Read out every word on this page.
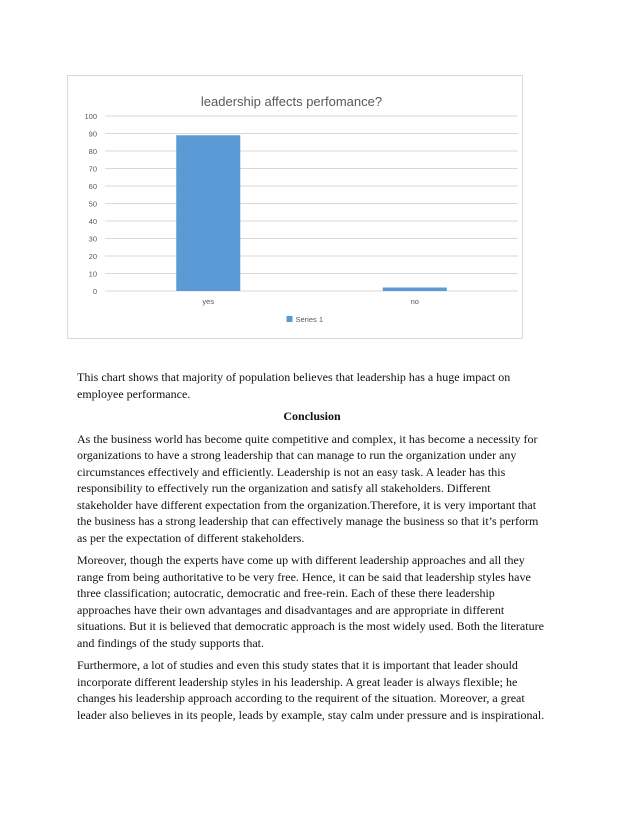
leadership affects perfomance?
0
10
20
30
40
50
60
70
80
90
100
yes	no
Series 1

This chart shows that majority of population believes that leadership has a huge impact on employee performance.

Conclusion

As the business world has become quite competitive and complex, it has become a necessity for organizations to have a strong leadership that can manage to run the organization under any circumstances effectively and efficiently. Leadership is not an easy task. A leader has this responsibility to effectively run the organization and satisfy all stakeholders. Different stakeholder have different expectation from the organization.Therefore, it is very important that the business has a strong leadership that can effectively manage the business so that it’s perform as per the expectation of different stakeholders.

Moreover, though the experts have come up with different leadership approaches and all they range from being authoritative to be very free. Hence, it can be said that leadership styles have three classification; autocratic, democratic and free-rein. Each of these there leadership approaches have their own advantages and disadvantages and are appropriate in different situations. But it is believed that democratic approach is the most widely used. Both the literature and findings of the study supports that.

Furthermore, a lot of studies and even this study states that it is important that leader should incorporate different leadership styles in his leadership. A great leader is always flexible; he changes his leadership approach according to the requirent of the situation. Moreover, a great leader also believes in its people, leads by example, stay calm under pressure and is inspirational.
